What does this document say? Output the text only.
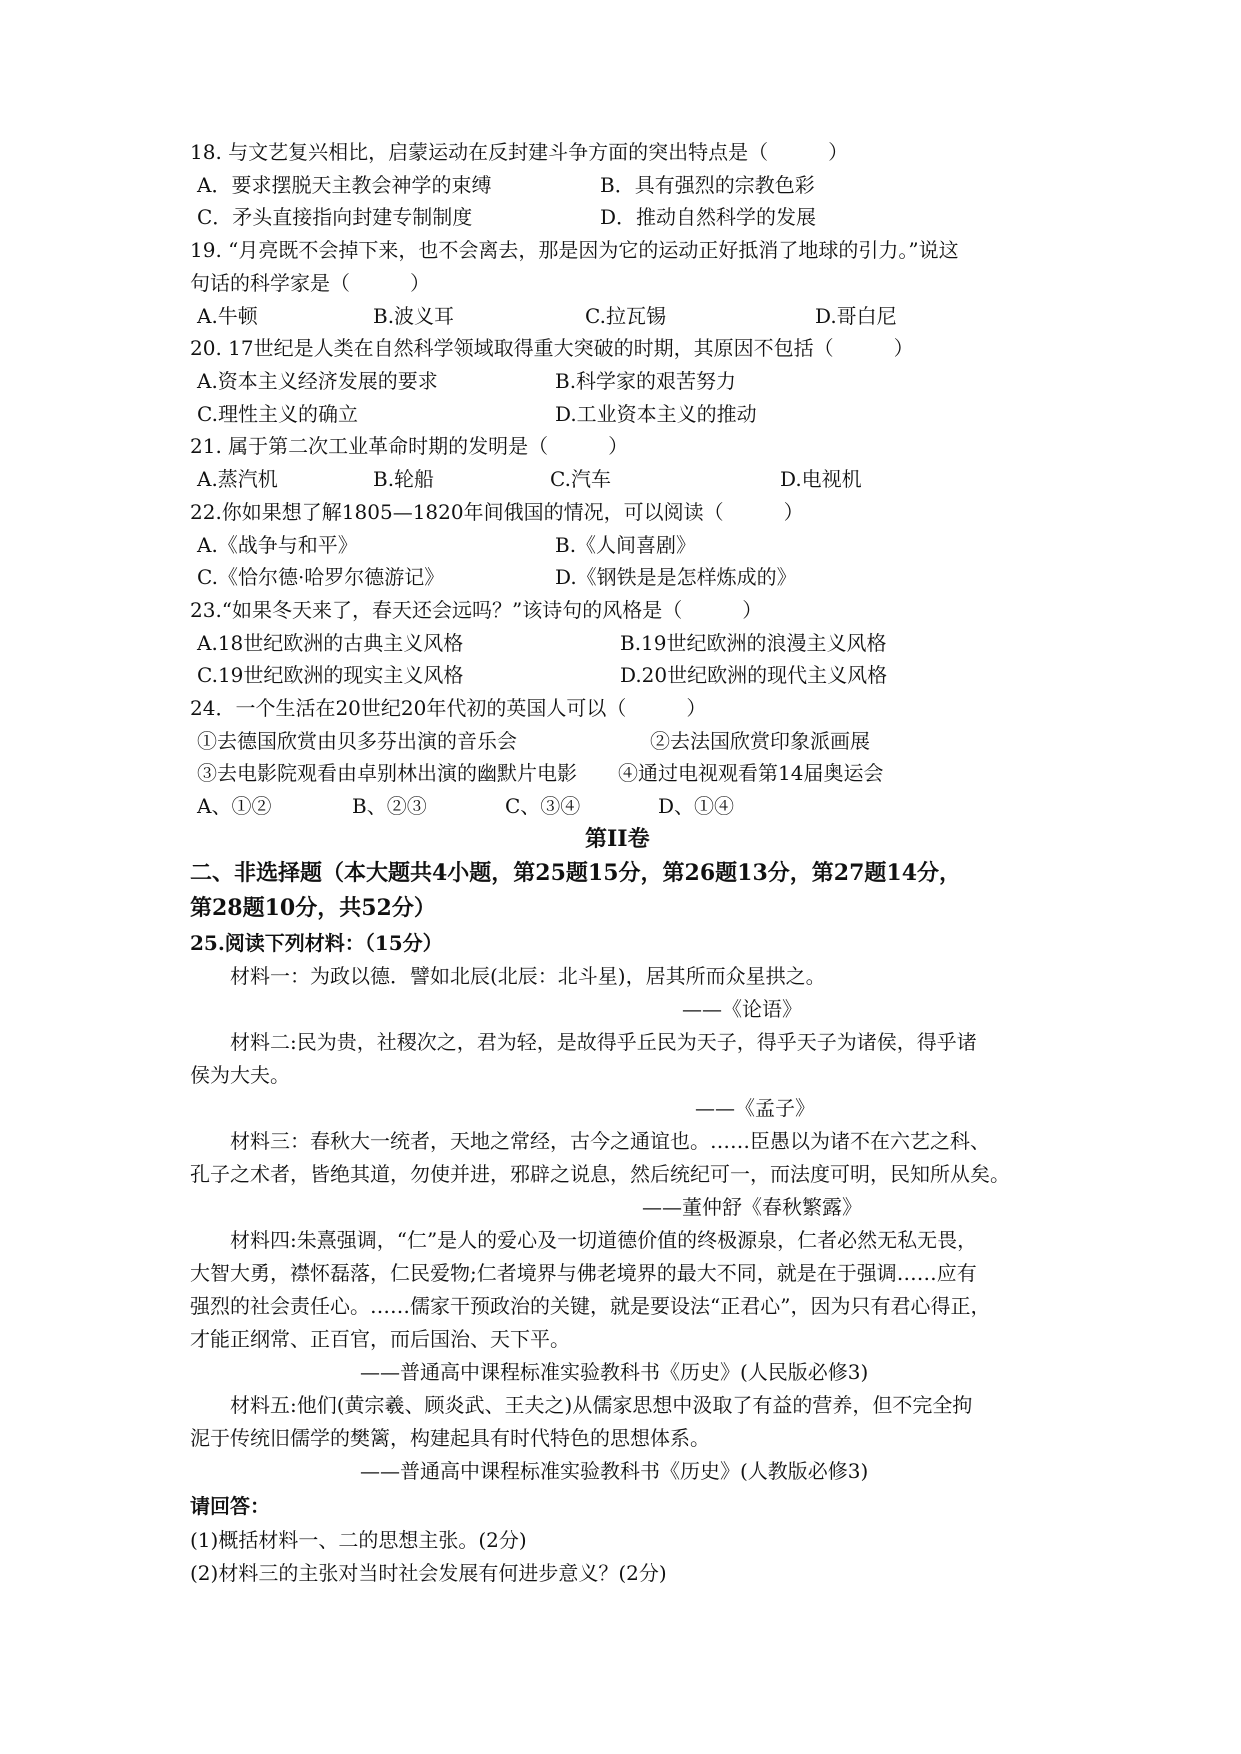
18. 与文艺复兴相比，启蒙运动在反封建斗争方面的突出特点是（　　　）
A．要求摆脱天主教会神学的束缚	B．具有强烈的宗教色彩
C．矛头直接指向封建专制制度	D．推动自然科学的发展
19. “月亮既不会掉下来，也不会离去，那是因为它的运动正好抵消了地球的引力。”说这
句话的科学家是（　　　）
A.牛顿	B.波义耳	C.拉瓦锡	D.哥白尼
20. 17世纪是人类在自然科学领域取得重大突破的时期，其原因不包括（　　　）
A.资本主义经济发展的要求	B.科学家的艰苦努力
C.理性主义的确立	D.工业资本主义的推动
21. 属于第二次工业革命时期的发明是（　　　）
A.蒸汽机	B.轮船	C.汽车	D.电视机
22.你如果想了解1805—1820年间俄国的情况，可以阅读（　　　）
A.《战争与和平》	B.《人间喜剧》
C.《恰尔德·哈罗尔德游记》	D.《钢铁是是怎样炼成的》
23.“如果冬天来了，春天还会远吗？”该诗句的风格是（　　　）
A.18世纪欧洲的古典主义风格	B.19世纪欧洲的浪漫主义风格
C.19世纪欧洲的现实主义风格	D.20世纪欧洲的现代主义风格
24．一个生活在20世纪20年代初的英国人可以（　　　）
①去德国欣赏由贝多芬出演的音乐会	②去法国欣赏印象派画展
③去电影院观看由卓别林出演的幽默片电影 ④通过电视观看第14届奥运会
A、①②	B、②③	C、③④	D、①④
第II卷
二、非选择题（本大题共4小题，第25题15分，第26题13分，第27题14分，
第28题10分，共52分）
25.阅读下列材料：（15分）
材料一：为政以德．譬如北辰(北辰：北斗星)，居其所而众星拱之。
——《论语》
材料二:民为贵，社稷次之，君为轻，是故得乎丘民为天子，得乎天子为诸侯，得乎诸
侯为大夫。
——《孟子》
材料三：春秋大一统者，天地之常经，古今之通谊也。……臣愚以为诸不在六艺之科、
孔子之术者，皆绝其道，勿使并进，邪辟之说息，然后统纪可一，而法度可明，民知所从矣。
——董仲舒《春秋繁露》
材料四:朱熹强调，“仁”是人的爱心及一切道德价值的终极源泉，仁者必然无私无畏，
大智大勇，襟怀磊落，仁民爱物;仁者境界与佛老境界的最大不同，就是在于强调……应有
强烈的社会责任心。……儒家干预政治的关键，就是要设法“正君心”，因为只有君心得正，
才能正纲常、正百官，而后国治、天下平。
——普通高中课程标准实验教科书《历史》(人民版必修3)
材料五:他们(黄宗羲、顾炎武、王夫之)从儒家思想中汲取了有益的营养，但不完全拘
泥于传统旧儒学的樊篱，构建起具有时代特色的思想体系。
——普通高中课程标准实验教科书《历史》(人教版必修3)
请回答：
(1)概括材料一、二的思想主张。(2分)
(2)材料三的主张对当时社会发展有何进步意义？(2分)
